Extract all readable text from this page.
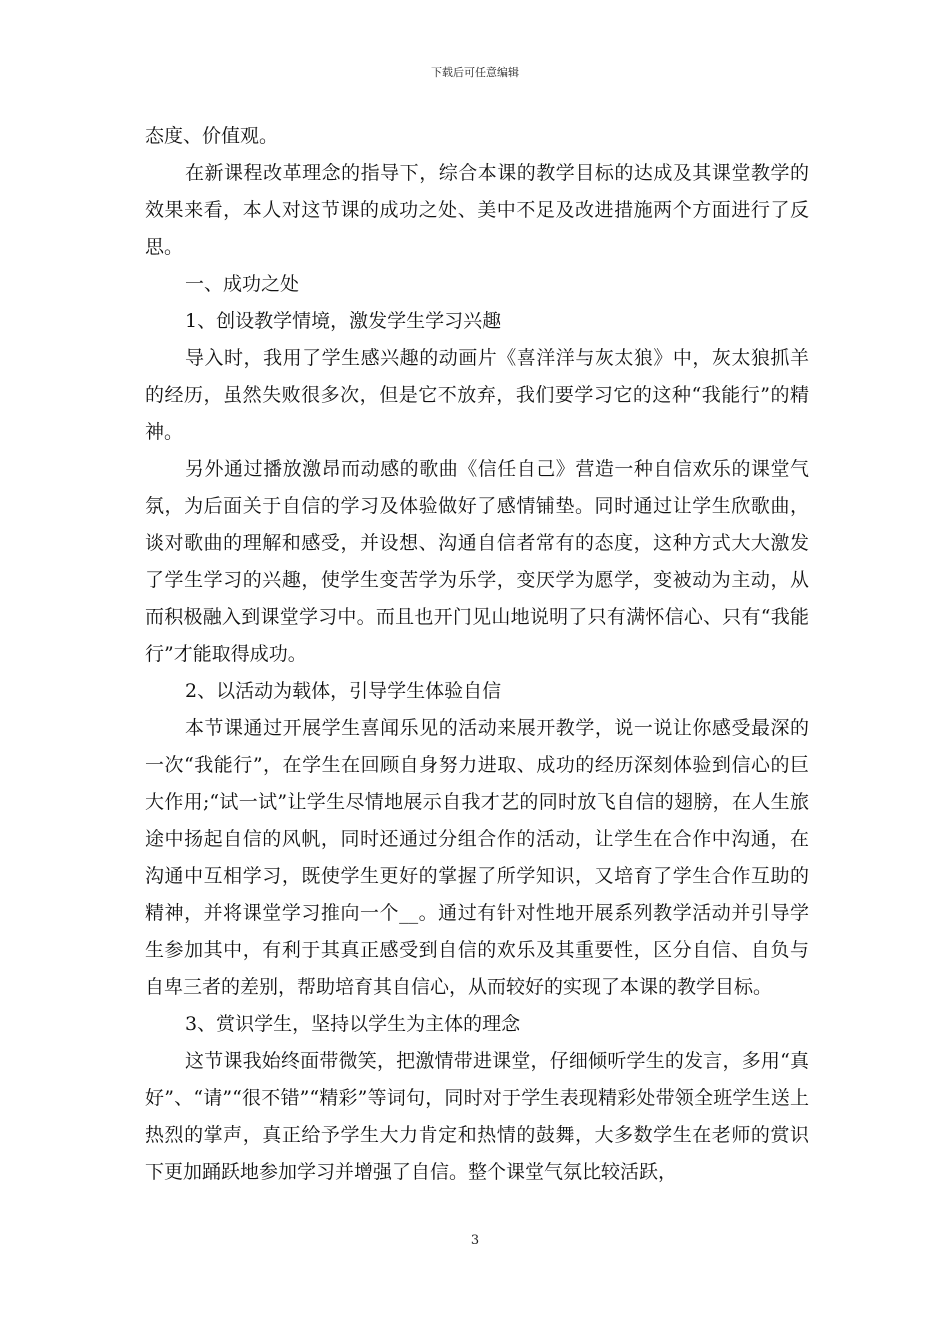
下载后可任意编辑

态度、价值观。

在新课程改革理念的指导下，综合本课的教学目标的达成及其课堂教学的效果来看，本人对这节课的成功之处、美中不足及改进措施两个方面进行了反思。

一、成功之处

1、创设教学情境，激发学生学习兴趣

导入时，我用了学生感兴趣的动画片《喜洋洋与灰太狼》中，灰太狼抓羊的经历，虽然失败很多次，但是它不放弃，我们要学习它的这种“我能行”的精神。

另外通过播放激昂而动感的歌曲《信任自己》营造一种自信欢乐的课堂气氛，为后面关于自信的学习及体验做好了感情铺垫。同时通过让学生欣歌曲，谈对歌曲的理解和感受，并设想、沟通自信者常有的态度，这种方式大大激发了学生学习的兴趣，使学生变苦学为乐学，变厌学为愿学，变被动为主动，从而积极融入到课堂学习中。而且也开门见山地说明了只有满怀信心、只有“我能行”才能取得成功。

2、以活动为载体，引导学生体验自信

本节课通过开展学生喜闻乐见的活动来展开教学，说一说让你感受最深的一次“我能行”，在学生在回顾自身努力进取、成功的经历深刻体验到信心的巨大作用;“试一试”让学生尽情地展示自我才艺的同时放飞自信的翅膀，在人生旅途中扬起自信的风帆，同时还通过分组合作的活动，让学生在合作中沟通，在沟通中互相学习，既使学生更好的掌握了所学知识，又培育了学生合作互助的精神，并将课堂学习推向一个__。通过有针对性地开展系列教学活动并引导学生参加其中，有利于其真正感受到自信的欢乐及其重要性，区分自信、自负与自卑三者的差别，帮助培育其自信心，从而较好的实现了本课的教学目标。

3、赏识学生，坚持以学生为主体的理念

这节课我始终面带微笑，把激情带进课堂，仔细倾听学生的发言，多用“真好”、“请”“很不错”“精彩”等词句，同时对于学生表现精彩处带领全班学生送上热烈的掌声，真正给予学生大力肯定和热情的鼓舞，大多数学生在老师的赏识下更加踊跃地参加学习并增强了自信。整个课堂气氛比较活跃，

3
